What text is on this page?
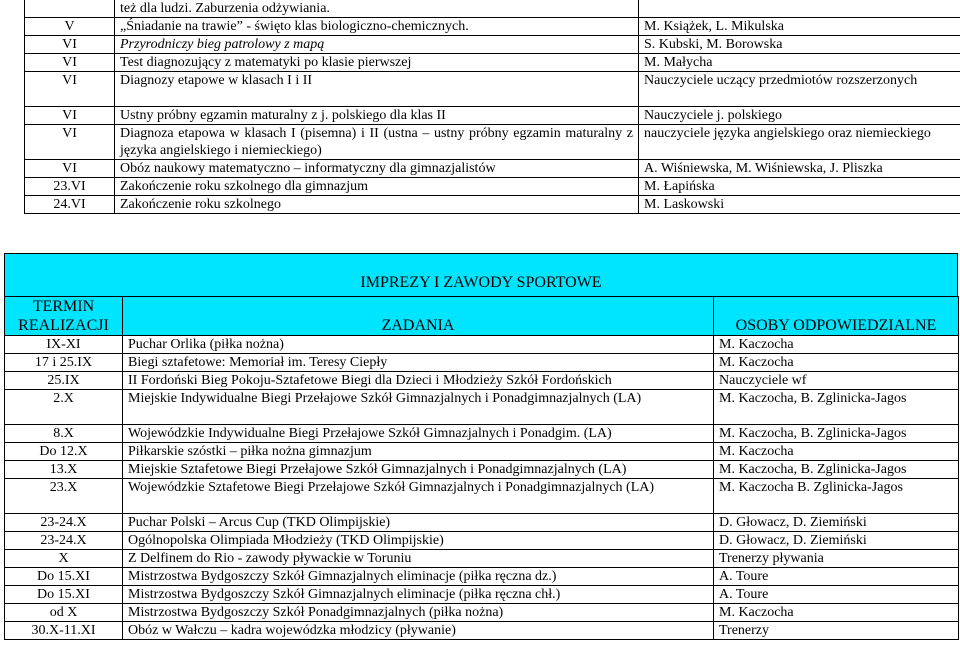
	też dla ludzi. Zaburzenia odżywiania.	
V	„Śniadanie na trawie” - święto klas biologiczno-chemicznych.	M. Książek, L. Mikulska
VI	Przyrodniczy bieg patrolowy z mapą	S. Kubski, M. Borowska
VI	Test diagnozujący z matematyki po klasie pierwszej	M. Małycha
VI	Diagnozy etapowe w klasach I i II	Nauczyciele uczący przedmiotów rozszerzonych
VI	Ustny próbny egzamin maturalny z j. polskiego dla klas II	Nauczyciele j. polskiego
VI	Diagnoza etapowa w klasach I (pisemna) i II (ustna – ustny próbny egzamin maturalny z języka angielskiego i niemieckiego)	nauczyciele języka angielskiego oraz niemieckiego
VI	Obóz naukowy matematyczno – informatyczny dla gimnazjalistów	A. Wiśniewska, M. Wiśniewska, J. Pliszka
23.VI	Zakończenie roku szkolnego dla gimnazjum	M. Łapińska
24.VI	Zakończenie roku szkolnego	M. Laskowski
IMPREZY I ZAWODY SPORTOWE
TERMIN REALIZACJI	ZADANIA	OSOBY ODPOWIEDZIALNE
IX-XI	Puchar Orlika (piłka nożna)	M. Kaczocha
17 i 25.IX	Biegi sztafetowe: Memoriał im. Teresy Ciepły	M. Kaczocha
25.IX	II Fordoński Bieg Pokoju-Sztafetowe Biegi dla Dzieci i Młodzieży Szkół Fordońskich	Nauczyciele wf
2.X	Miejskie Indywidualne Biegi Przełajowe Szkół Gimnazjalnych i Ponadgimnazjalnych (LA)	M. Kaczocha, B. Zglinicka-Jagos
8.X	Wojewódzkie Indywidualne Biegi Przełajowe Szkół Gimnazjalnych i Ponadgim. (LA)	M. Kaczocha, B. Zglinicka-Jagos
Do 12.X	Piłkarskie szóstki – piłka nożna gimnazjum	M. Kaczocha
13.X	Miejskie Sztafetowe Biegi Przełajowe Szkół Gimnazjalnych i Ponadgimnazjalnych (LA)	M. Kaczocha, B. Zglinicka-Jagos
23.X	Wojewódzkie Sztafetowe Biegi Przełajowe Szkół Gimnazjalnych i Ponadgimnazjalnych (LA)	M. Kaczocha B. Zglinicka-Jagos
23-24.X	Puchar Polski – Arcus Cup (TKD Olimpijskie)	D. Głowacz, D. Ziemiński
23-24.X	Ogólnopolska Olimpiada Młodzieży (TKD Olimpijskie)	D. Głowacz, D. Ziemiński
X	Z Delfinem do Rio - zawody pływackie w Toruniu	Trenerzy pływania
Do 15.XI	Mistrzostwa Bydgoszczy Szkół Gimnazjalnych eliminacje (piłka ręczna dz.)	A. Toure
Do 15.XI	Mistrzostwa Bydgoszczy Szkół Gimnazjalnych eliminacje (piłka ręczna chł.)	A. Toure
od X	Mistrzostwa Bydgoszczy Szkół Ponadgimnazjalnych (piłka nożna)	M. Kaczocha
30.X-11.XI	Obóz w Wałczu – kadra wojewódzka młodzicy (pływanie)	Trenerzy
